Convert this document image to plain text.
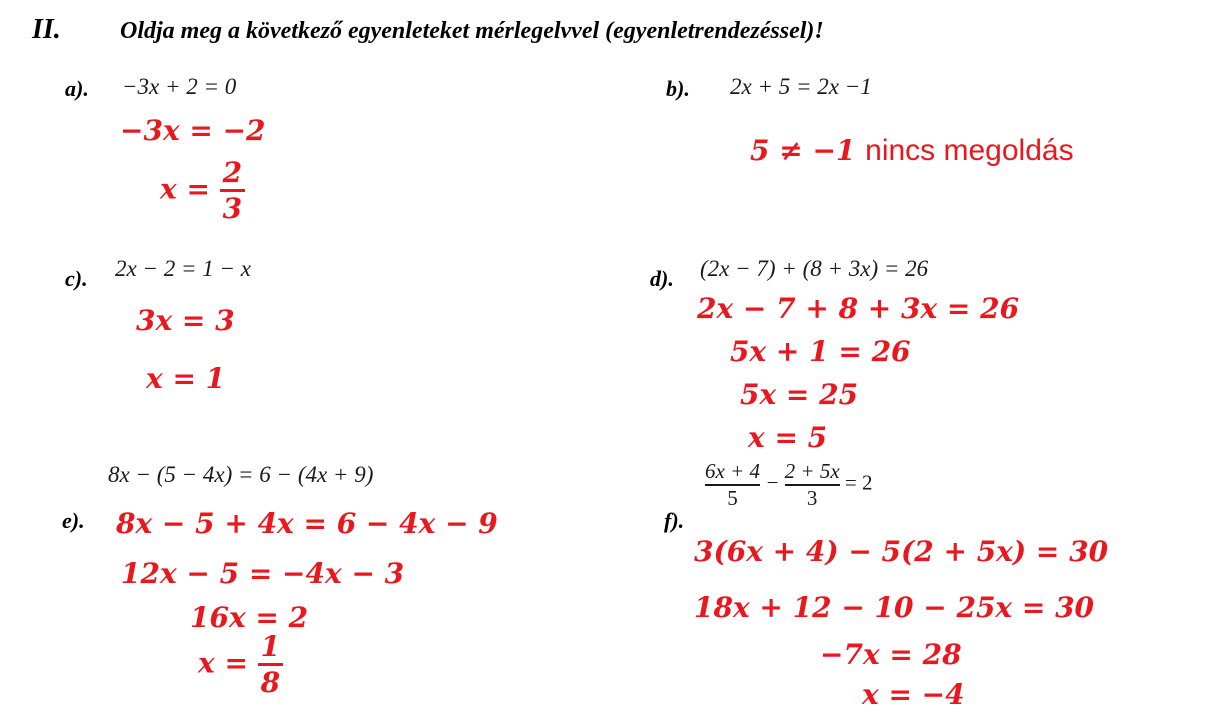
II. Oldja meg a következő egyenleteket mérlegelvvel (egyenletrendezéssel)!
a). −3x + 2 = 0
−3𝒙 = −2
𝒙 = $\frac{2}{3}$
b). 2x + 5 = 2x −1
5 ≠ −1 nincs megoldás
c). 2x − 2 = 1 − x
3𝒙 = 3
𝒙 = 1
d). (2x − 7) + (8 + 3x) = 26
2𝒙 − 7 + 8 + 3𝒙 = 26
5𝒙 + 1 = 26
5𝒙 = 25
𝒙 = 5
8x − (5 − 4x) = 6 − (4x + 9)
e). 8𝒙 − 5 + 4𝒙 = 6 − 4𝒙 − 9
12𝒙 − 5 = −4𝒙 − 3
16𝒙 = 2
𝒙 = $\frac{1}{8}$
$\frac{6x + 4}{5} - \frac{2 + 5x}{3} = 2$
f).
3(6𝒙 + 4) − 5(2 + 5𝒙) = 30
18𝒙 + 12 − 10 − 25𝒙 = 30
−7𝒙 = 28
𝒙 = −4
